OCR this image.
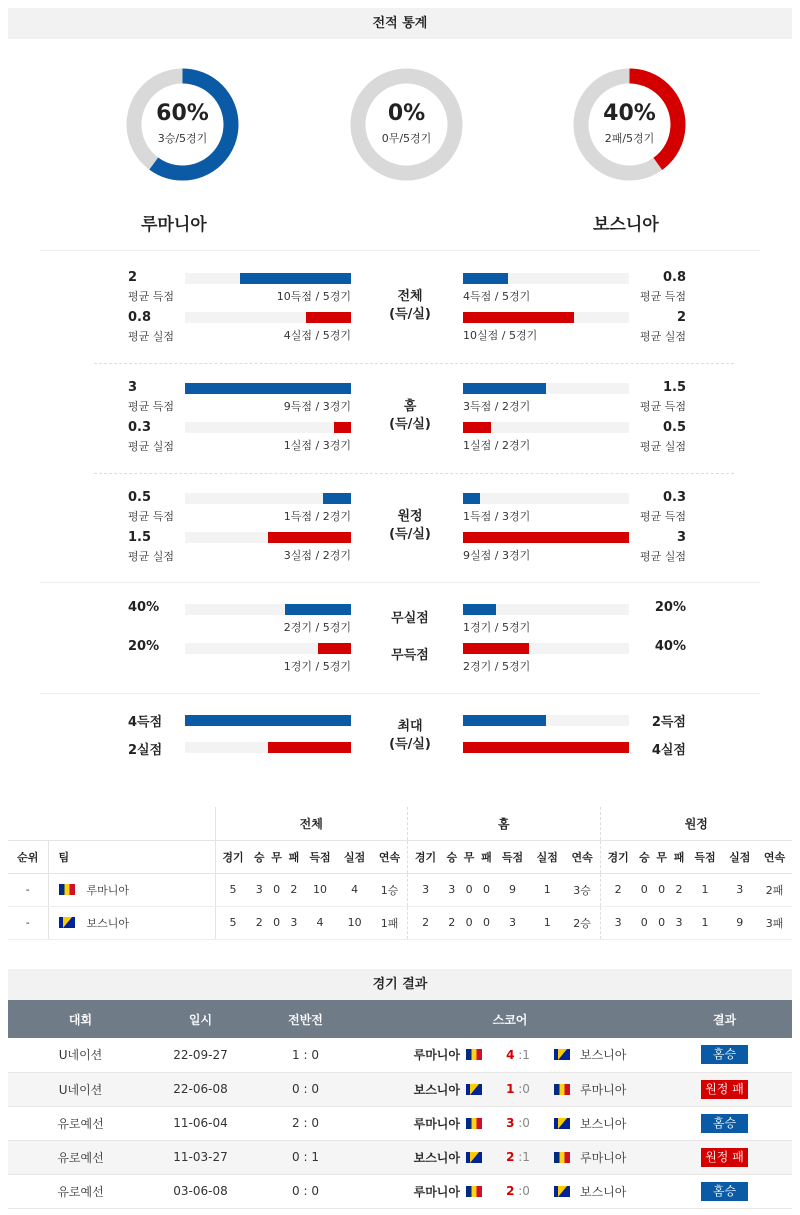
전적 통계
60%
3승/5경기
0%
0무/5경기
40%
2패/5경기
루마니아	보스니아
2
평균 득점
0.8
평균 실점
0.8
평균 득점
2
평균 실점
10득점 / 5경기
4실점 / 5경기
4득점 / 5경기
10실점 / 5경기
전체
(득/실)
3
평균 득점
0.3
평균 실점
1.5
평균 득점
0.5
평균 실점
9득점 / 3경기
1실점 / 3경기
3득점 / 2경기
1실점 / 2경기
홈
(득/실)
0.5
평균 득점
1.5
평균 실점
0.3
평균 득점
3
평균 실점
1득점 / 2경기
3실점 / 2경기
1득점 / 3경기
9실점 / 3경기
원정
(득/실)
40%
20%
20%
40%
2경기 / 5경기
1경기 / 5경기
1경기 / 5경기
2경기 / 5경기
무실점
무득점
4득점
2실점
2득점
4실점
최대
(득/실)
		전체							홈							원정						
순위	팀	경기	승	무	패	득점	실점	연속	경기	승	무	패	득점	실점	연속	경기	승	무	패	득점	실점	연속
-	루마니아	5	3	0	2	10	4	1승	3	3	0	0	9	1	3승	2	0	0	2	1	3	2패
-	보스니아	5	2	0	3	4	10	1패	2	2	0	0	3	1	2승	3	0	0	3	1	9	3패
경기 결과
대회	일시	전반전	스코어			결과
U네이션	22-09-27	1 : 0	루마니아	4 :1	보스니아	홈승
U네이션	22-06-08	0 : 0	보스니아	1 :0	루마니아	원정 패
유로예선	11-06-04	2 : 0	루마니아	3 :0	보스니아	홈승
유로예선	11-03-27	0 : 1	보스니아	2 :1	루마니아	원정 패
유로예선	03-06-08	0 : 0	루마니아	2 :0	보스니아	홈승
